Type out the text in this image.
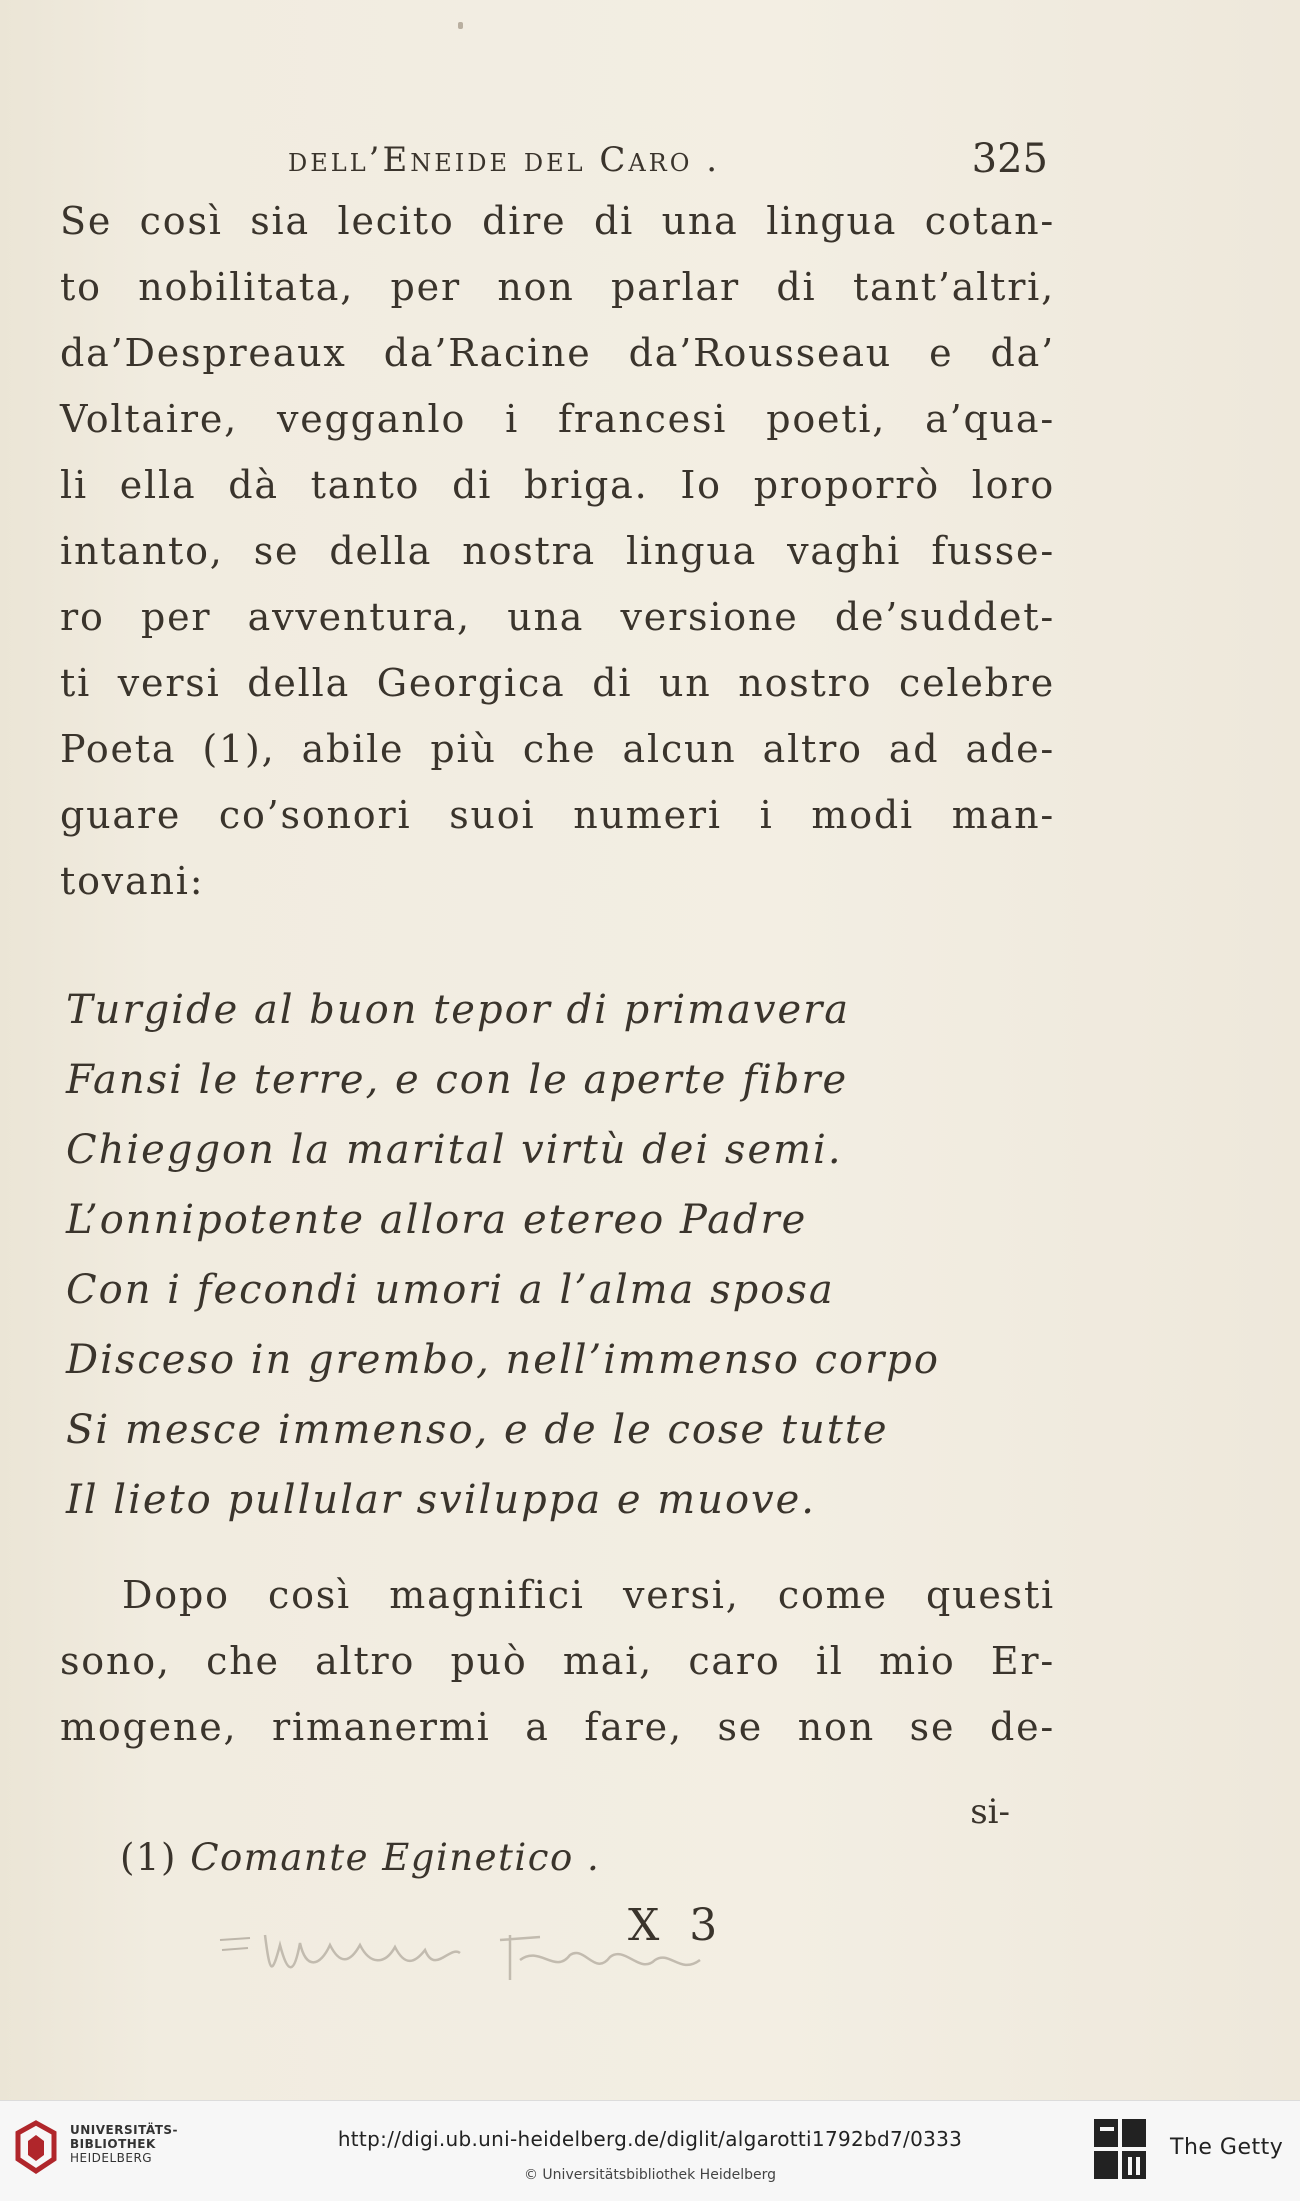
dell’Eneide del Caro .	325
Se così sia lecito dire di una lingua cotan-
to nobilitata, per non parlar di tant’altri,
da’Despreaux da’Racine da’Rousseau e da’
Voltaire, vegganlo i francesi poeti, a’qua-
li ella dà tanto di briga. Io proporrò loro
intanto, se della nostra lingua vaghi fusse-
ro per avventura, una versione de’suddet-
ti versi della Georgica di un nostro celebre
Poeta (1), abile più che alcun altro ad ade-
guare co’sonori suoi numeri i modi man-
tovani:
Turgide al buon tepor di primavera
Fansi le terre, e con le aperte fibre
Chieggon la marital virtù dei semi.
L’onnipotente allora etereo Padre
Con i fecondi umori a l’alma sposa
Disceso in grembo, nell’immenso corpo
Si mesce immenso, e de le cose tutte
Il lieto pullular sviluppa e muove.
Dopo così magnifici versi, come questi
sono, che altro può mai, caro il mio Er-
mogene, rimanermi a fare, se non se de-
si-
(1) Comante Eginetico .
X 3
UNIVERSITÄTS-
BIBLIOTHEK
HEIDELBERG
http://digi.ub.uni-heidelberg.de/diglit/algarotti1792bd7/0333
© Universitätsbibliothek Heidelberg
The Getty
